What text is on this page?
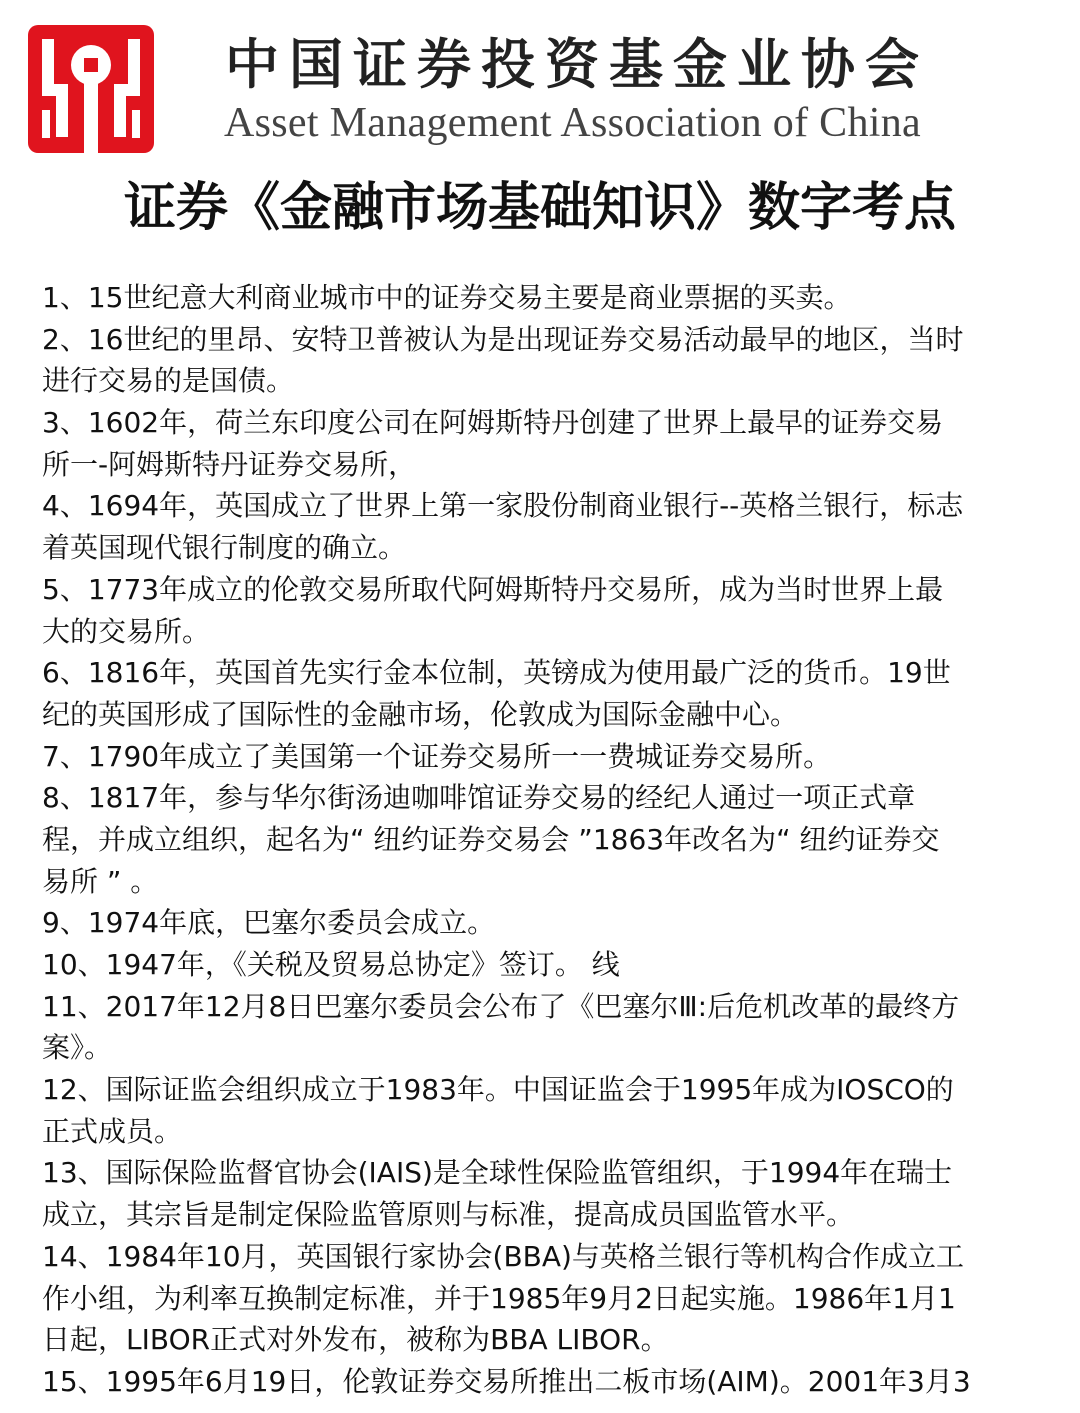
中国证券投资基金业协会
Asset Management Association of China
证券《金融市场基础知识》数字考点
1、15世纪意大利商业城市中的证券交易主要是商业票据的买卖。
2、16世纪的里昂、安特卫普被认为是出现证券交易活动最早的地区，当时
进行交易的是国债。
3、1602年，荷兰东印度公司在阿姆斯特丹创建了世界上最早的证券交易
所一-阿姆斯特丹证券交易所，
4、1694年，英国成立了世界上第一家股份制商业银行--英格兰银行，标志
着英国现代银行制度的确立。
5、1773年成立的伦敦交易所取代阿姆斯特丹交易所，成为当时世界上最
大的交易所。
6、1816年，英国首先实行金本位制，英镑成为使用最广泛的货币。19世
纪的英国形成了国际性的金融市场，伦敦成为国际金融中心。
7、1790年成立了美国第一个证券交易所一一费城证券交易所。
8、1817年，参与华尔街汤迪咖啡馆证券交易的经纪人通过一项正式章
程，并成立组织，起名为“ 纽约证券交易会 ”1863年改名为“ 纽约证券交
易所 ” 。
9、1974年底，巴塞尔委员会成立。
10、1947年，《关税及贸易总协定》签订。 线
11、2017年12月8日巴塞尔委员会公布了《巴塞尔Ⅲ:后危机改革的最终方
案》。
12、国际证监会组织成立于1983年。中国证监会于1995年成为IOSCO的
正式成员。
13、国际保险监督官协会(IAIS)是全球性保险监管组织，于1994年在瑞士
成立，其宗旨是制定保险监管原则与标准，提高成员国监管水平。
14、1984年10月，英国银行家协会(BBA)与英格兰银行等机构合作成立工
作小组，为利率互换制定标准，并于1985年9月2日起实施。1986年1月1
日起，LIBOR正式对外发布，被称为BBA LIBOR。
15、1995年6月19日，伦敦证券交易所推出二板市场(AIM)。2001年3月3
